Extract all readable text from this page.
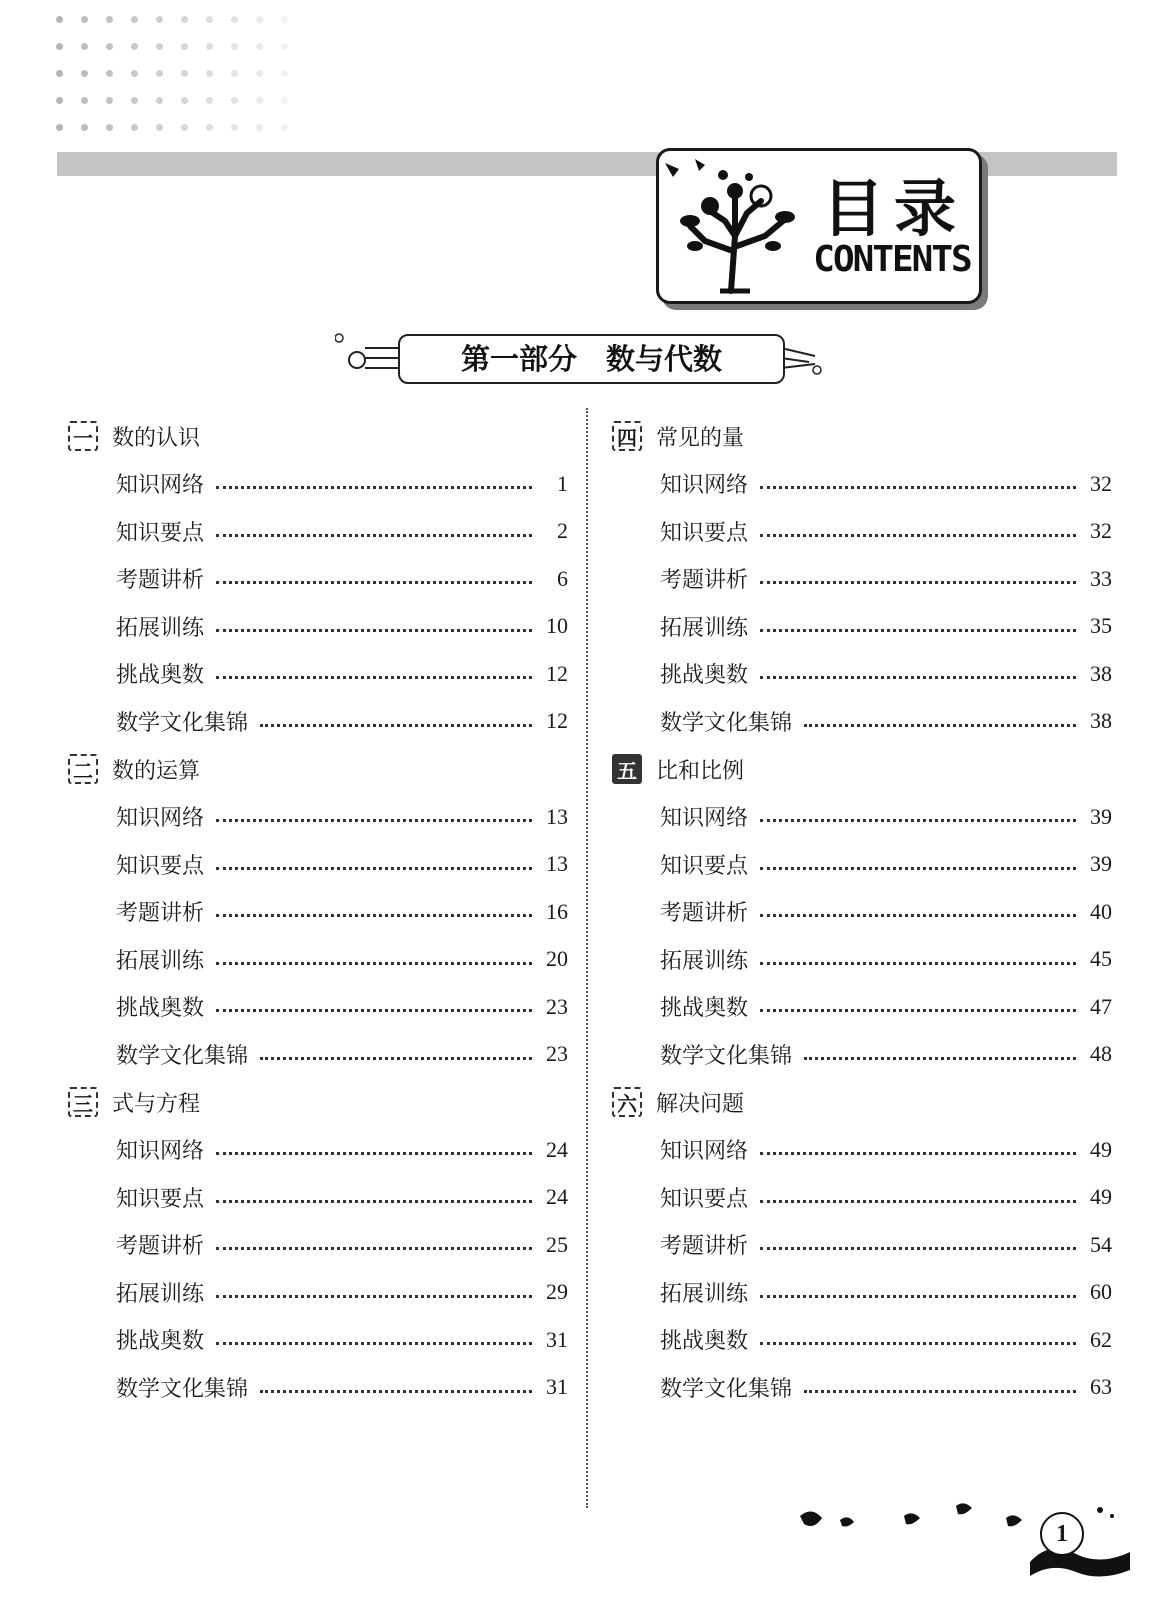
目录
CONTENTS
第一部分　数与代数
一 数的认识
知识网络	1
知识要点	2
考题讲析	6
拓展训练	10
挑战奥数	12
数学文化集锦	12
二 数的运算
知识网络	13
知识要点	13
考题讲析	16
拓展训练	20
挑战奥数	23
数学文化集锦	23
三 式与方程
知识网络	24
知识要点	24
考题讲析	25
拓展训练	29
挑战奥数	31
数学文化集锦	31
四 常见的量
知识网络	32
知识要点	32
考题讲析	33
拓展训练	35
挑战奥数	38
数学文化集锦	38
五 比和比例
知识网络	39
知识要点	39
考题讲析	40
拓展训练	45
挑战奥数	47
数学文化集锦	48
六 解决问题
知识网络	49
知识要点	49
考题讲析	54
拓展训练	60
挑战奥数	62
数学文化集锦	63
1
